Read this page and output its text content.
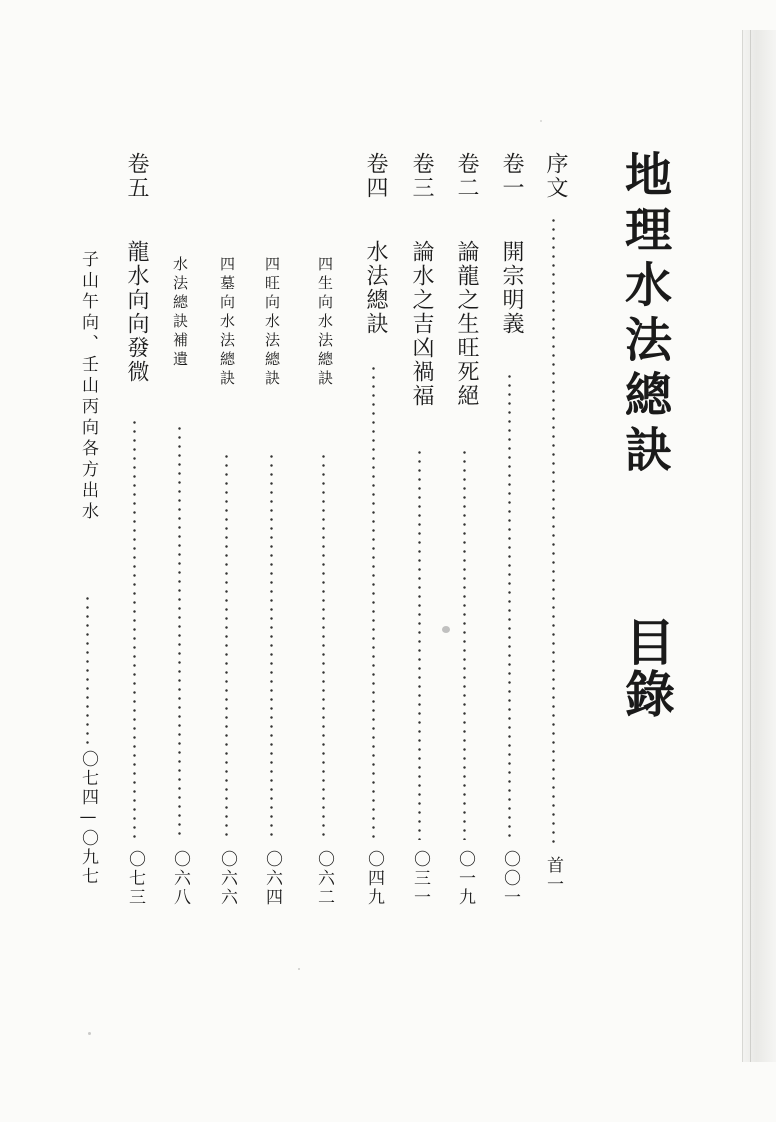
地理水法總訣
目錄
序文
首一
卷一
開宗明義
〇〇一
卷二
論龍之生旺死絕
〇一九
卷三
論水之吉凶禍福
〇三一
卷四
水法總訣
〇四九
四生向水法總訣
〇六二
四旺向水法總訣
〇六四
四墓向水法總訣
〇六六
水法總訣補遺
〇六八
卷五
龍水向向發微
〇七三
子山午向、壬山丙向各方出水
〇七四—〇九七
